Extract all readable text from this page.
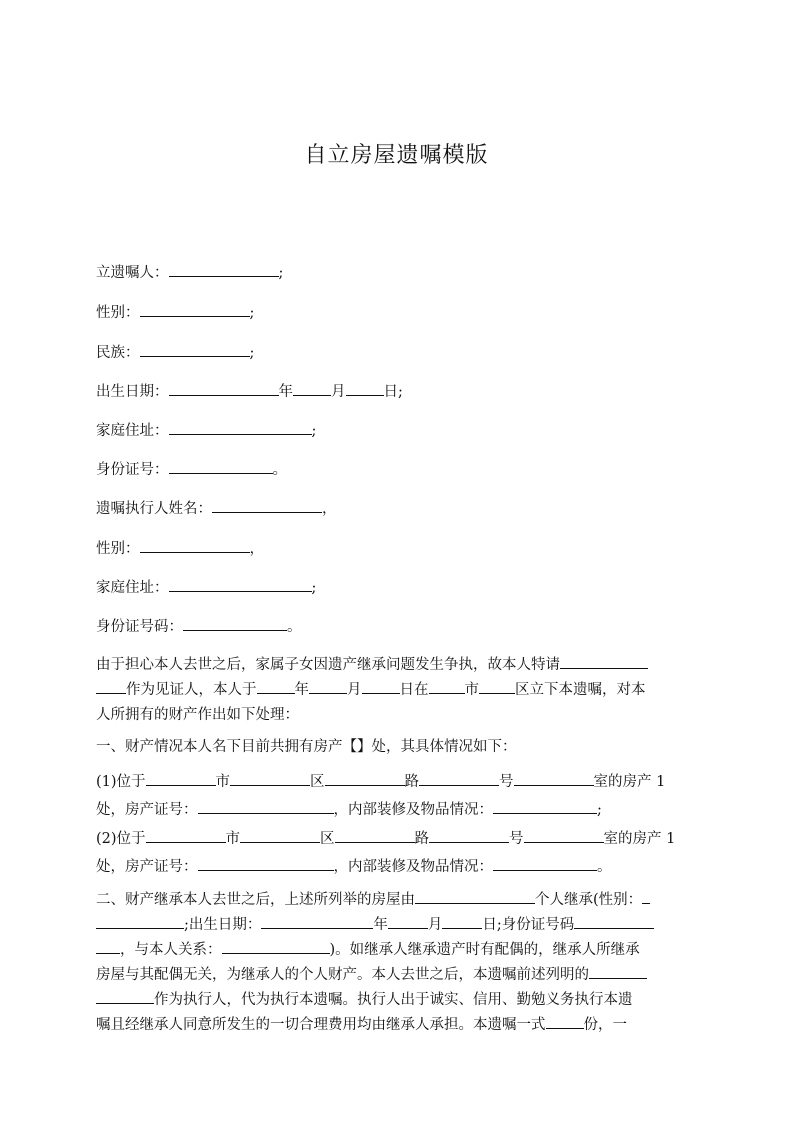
自立房屋遗嘱模版
立遗嘱人：	;
性别：	;
民族：	;
出生日期：	年	月	日;
家庭住址：	;
身份证号：	。
遗嘱执行人姓名：	，
性别：	，
家庭住址：	;
身份证号码：	。
由于担心本人去世之后，家属子女因遗产继承问题发生争执，故本人特请
作为见证人，本人于	年	月	日在 市 区立下本遗嘱，对本
人所拥有的财产作出如下处理：
一、财产情况本人名下目前共拥有房产【】处，其具体情况如下：
(1)位于	市	区	路	号	室的房产 1
处，房产证号：	，内部装修及物品情况：	;
(2)位于	市	区	路	号	室的房产 1
处，房产证号：	，内部装修及物品情况：	。
二、财产继承本人去世之后，上述所列举的房屋由	个人继承(性别：
;出生日期：	年	月	日;身份证号码
，与本人关系：	)。如继承人继承遗产时有配偶的，继承人所继承
房屋与其配偶无关，为继承人的个人财产。本人去世之后，本遗嘱前述列明的
作为执行人，代为执行本遗嘱。执行人出于诚实、信用、勤勉义务执行本遗
嘱且经继承人同意所发生的一切合理费用均由继承人承担。本遗嘱一式	份，一
